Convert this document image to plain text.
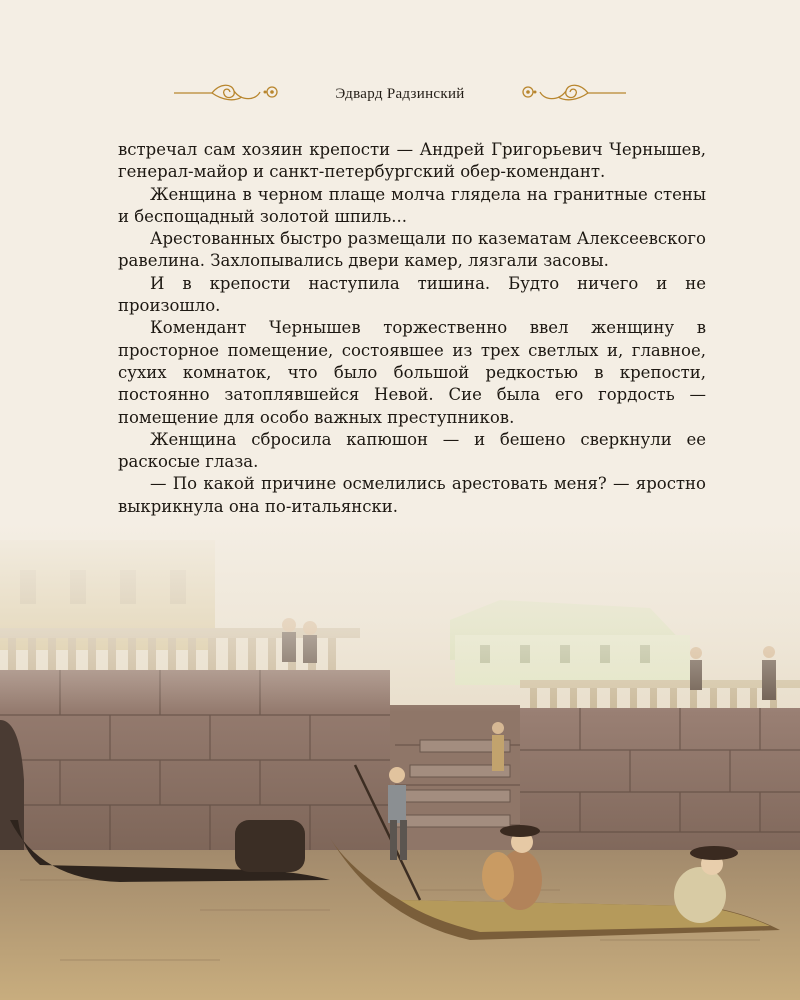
Эдвард Радзинский

встречал сам хозяин крепости — Андрей Григорьевич Чернышев, генерал-майор и санкт-петербургский обер-комендант.

Женщина в черном плаще молча глядела на гранитные стены и беспощадный золотой шпиль...

Арестованных быстро размещали по казематам Алексеевского равелина. Захлопывались двери камер, лязгали засовы.

И в крепости наступила тишина. Будто ничего и не произошло.

Комендант Чернышев торжественно ввел женщину в просторное помещение, состоявшее из трех светлых и, главное, сухих комнаток, что было большой редкостью в крепости, постоянно затоплявшейся Невой. Сие была его гордость — помещение для особо важных преступников.

Женщина сбросила капюшон — и бешено сверкнули ее раскосые глаза.

— По какой причине осмелились арестовать меня? — яростно выкрикнула она по-итальянски.
